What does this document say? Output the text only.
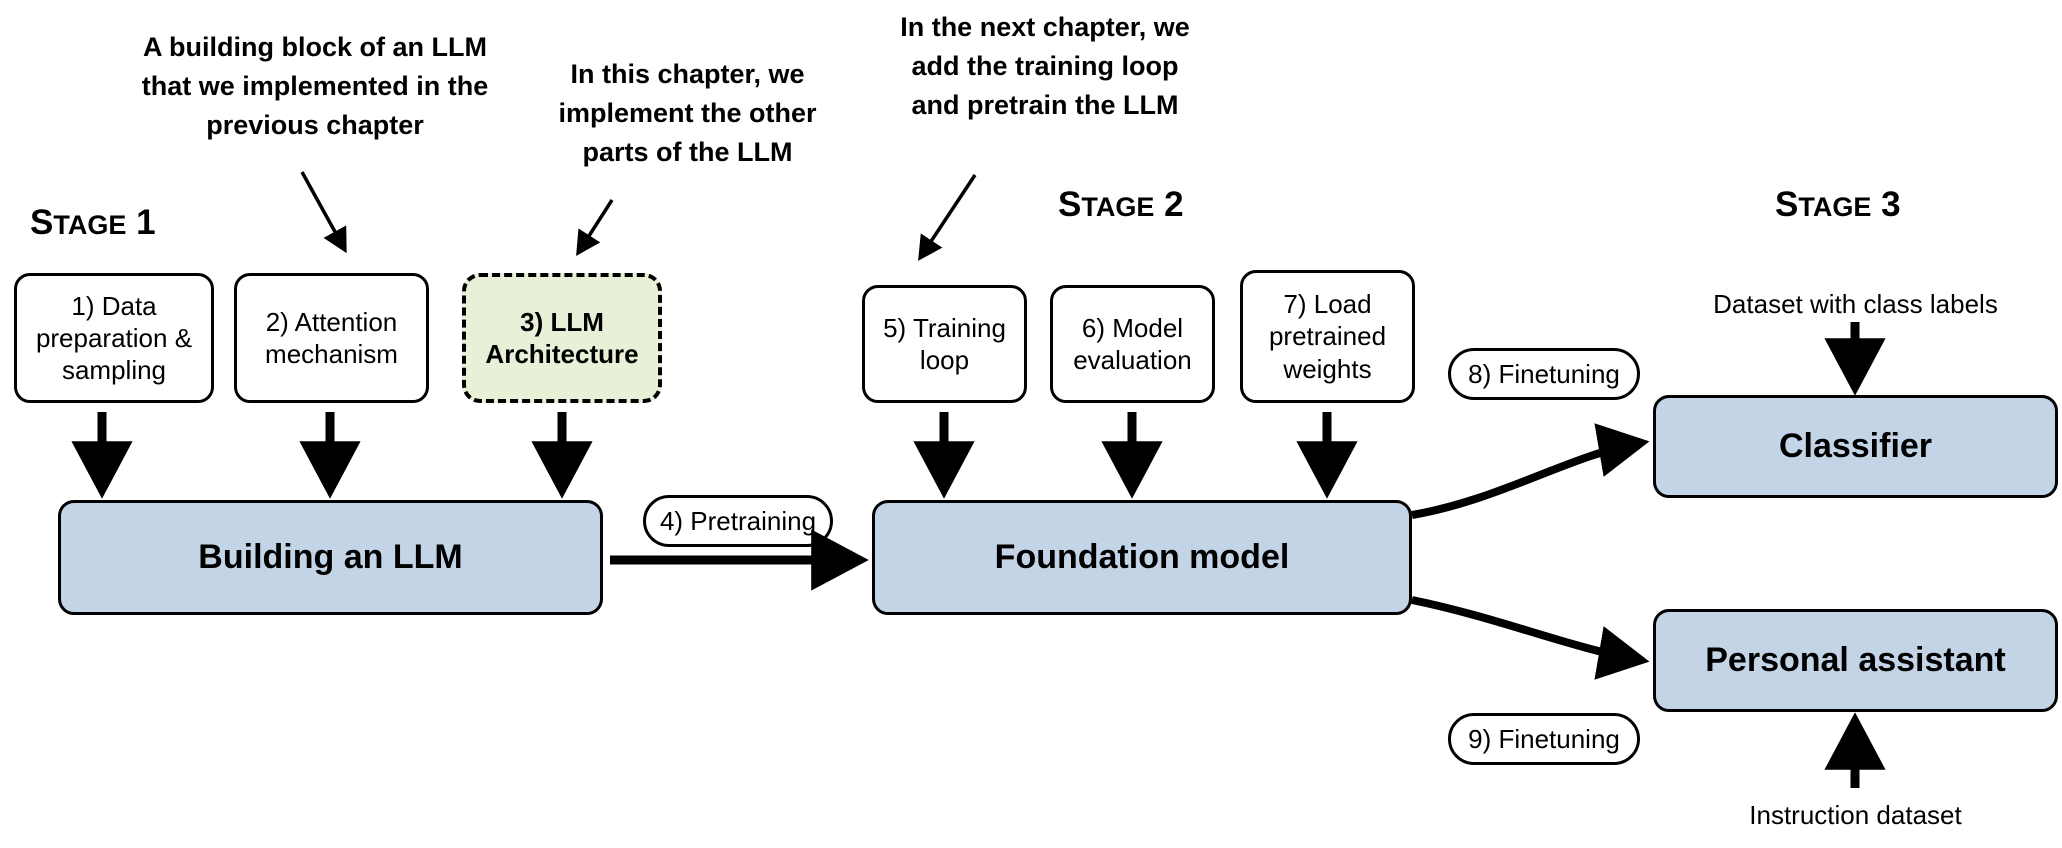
A building block of an LLM that we implemented in the previous chapter
In this chapter, we implement the other parts of the LLM
In the next chapter, we add the training loop and pretrain the LLM
STAGE 1	STAGE 2	STAGE 3
1) Data preparation & sampling
2) Attention mechanism
3) LLM Architecture
Building an LLM
4) Pretraining
5) Training loop
6) Model evaluation
7) Load pretrained weights
Foundation model
8) Finetuning
9) Finetuning
Classifier
Personal assistant
Dataset with class labels
Instruction dataset
